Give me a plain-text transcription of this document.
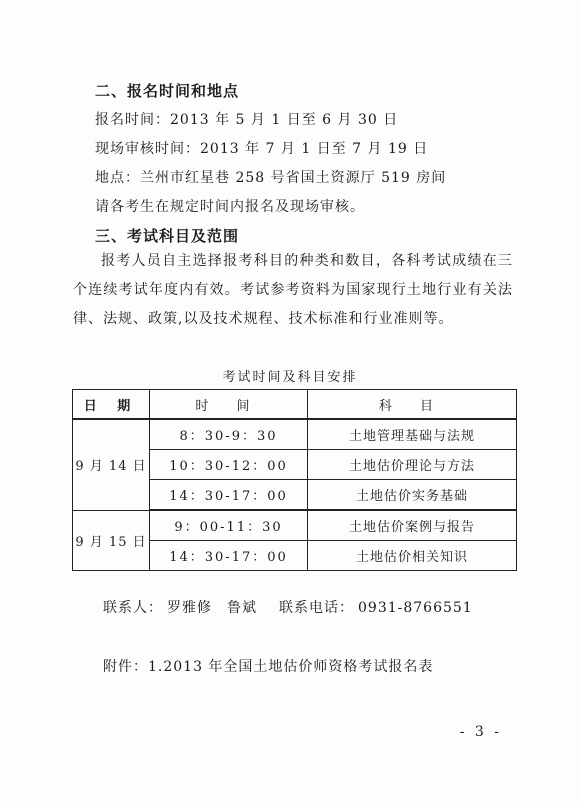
二、报名时间和地点
报名时间：2013 年 5 月 1 日至 6 月 30 日
现场审核时间：2013 年 7 月 1 日至 7 月 19 日
地点：兰州市红星巷 258 号省国土资源厅 519 房间
请各考生在规定时间内报名及现场审核。
三、考试科目及范围
报考人员自主选择报考科目的种类和数目，各科考试成绩在三个连续考试年度内有效。考试参考资料为国家现行土地行业有关法律、法规、政策,以及技术规程、技术标准和行业准则等。
考试时间及科目安排
日 期	时 间	科 目
9 月 14 日	8：30-9：30	土地管理基础与法规
	10：30-12：00	土地估价理论与方法
	14：30-17：00	土地估价实务基础
9 月 15 日	9：00-11：30	土地估价案例与报告
	14：30-17：00	土地估价相关知识
联系人： 罗雅修　鲁斌 联系电话： 0931-8766551
附件：1.2013 年全国土地估价师资格考试报名表
- 3 -
